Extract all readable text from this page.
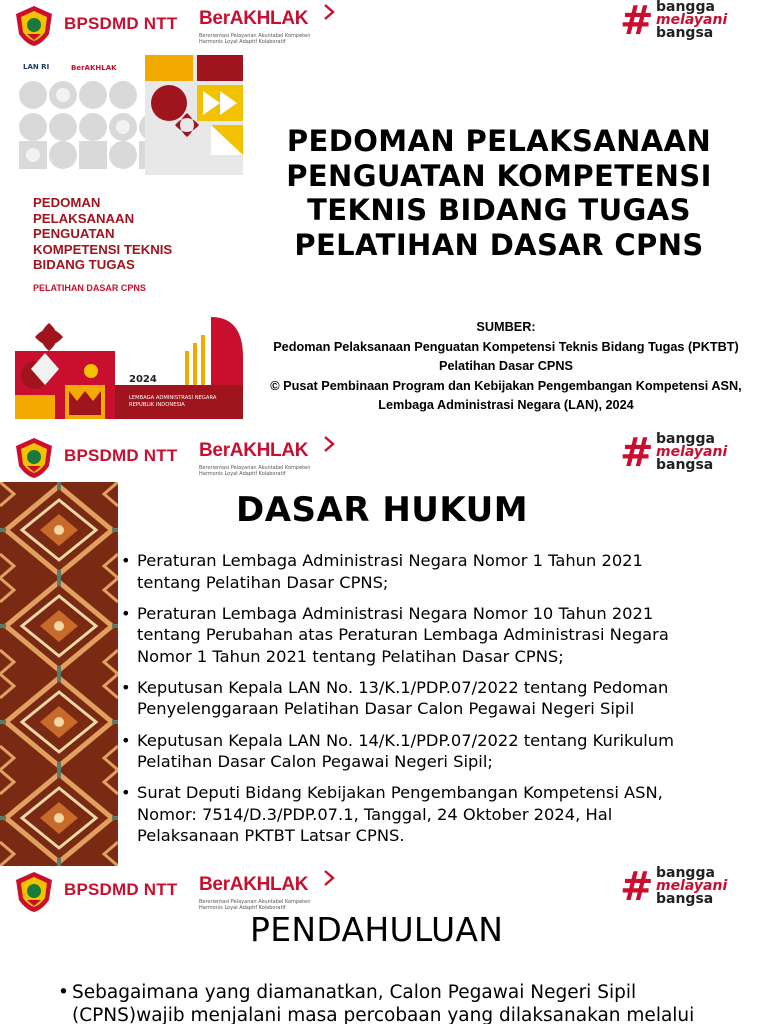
BPSDMD NTT BerAKHLAK
Berorientasi Pelayanan Akuntabel Kompeten
Harmonis Loyal Adaptif Kolaboratif	# bangga
melayani
bangsa
LAN RI	BerAKHLAK
PEDOMAN
PELAKSANAAN
PENGUATAN
KOMPETENSI TEKNIS
BIDANG TUGAS
PELATIHAN DASAR CPNS
2024
LEMBAGA ADMINISTRASI NEGARA
REPUBLIK INDONESIA
PEDOMAN PELAKSANAAN
PENGUATAN KOMPETENSI
TEKNIS BIDANG TUGAS
PELATIHAN DASAR CPNS
SUMBER:
Pedoman Pelaksanaan Penguatan Kompetensi Teknis Bidang Tugas (PKTBT)
Pelatihan Dasar CPNS
© Pusat Pembinaan Program dan Kebijakan Pengembangan Kompetensi ASN,
Lembaga Administrasi Negara (LAN), 2024
BPSDMD NTT BerAKHLAK
Berorientasi Pelayanan Akuntabel Kompeten
Harmonis Loyal Adaptif Kolaboratif	# bangga
melayani
bangsa
DASAR HUKUM
• Peraturan Lembaga Administrasi Negara Nomor 1 Tahun 2021
tentang Pelatihan Dasar CPNS;
• Peraturan Lembaga Administrasi Negara Nomor 10 Tahun 2021
tentang Perubahan atas Peraturan Lembaga Administrasi Negara
Nomor 1 Tahun 2021 tentang Pelatihan Dasar CPNS;
• Keputusan Kepala LAN No. 13/K.1/PDP.07/2022 tentang Pedoman
Penyelenggaraan Pelatihan Dasar Calon Pegawai Negeri Sipil
• Keputusan Kepala LAN No. 14/K.1/PDP.07/2022 tentang Kurikulum
Pelatihan Dasar Calon Pegawai Negeri Sipil;
• Surat Deputi Bidang Kebijakan Pengembangan Kompetensi ASN,
Nomor: 7514/D.3/PDP.07.1, Tanggal, 24 Oktober 2024, Hal
Pelaksanaan PKTBT Latsar CPNS.
BPSDMD NTT BerAKHLAK
Berorientasi Pelayanan Akuntabel Kompeten
Harmonis Loyal Adaptif Kolaboratif	# bangga
melayani
bangsa
PENDAHULUAN
• Sebagaimana yang diamanatkan, Calon Pegawai Negeri Sipil
(CPNS)wajib menjalani masa percobaan yang dilaksanakan melalui
